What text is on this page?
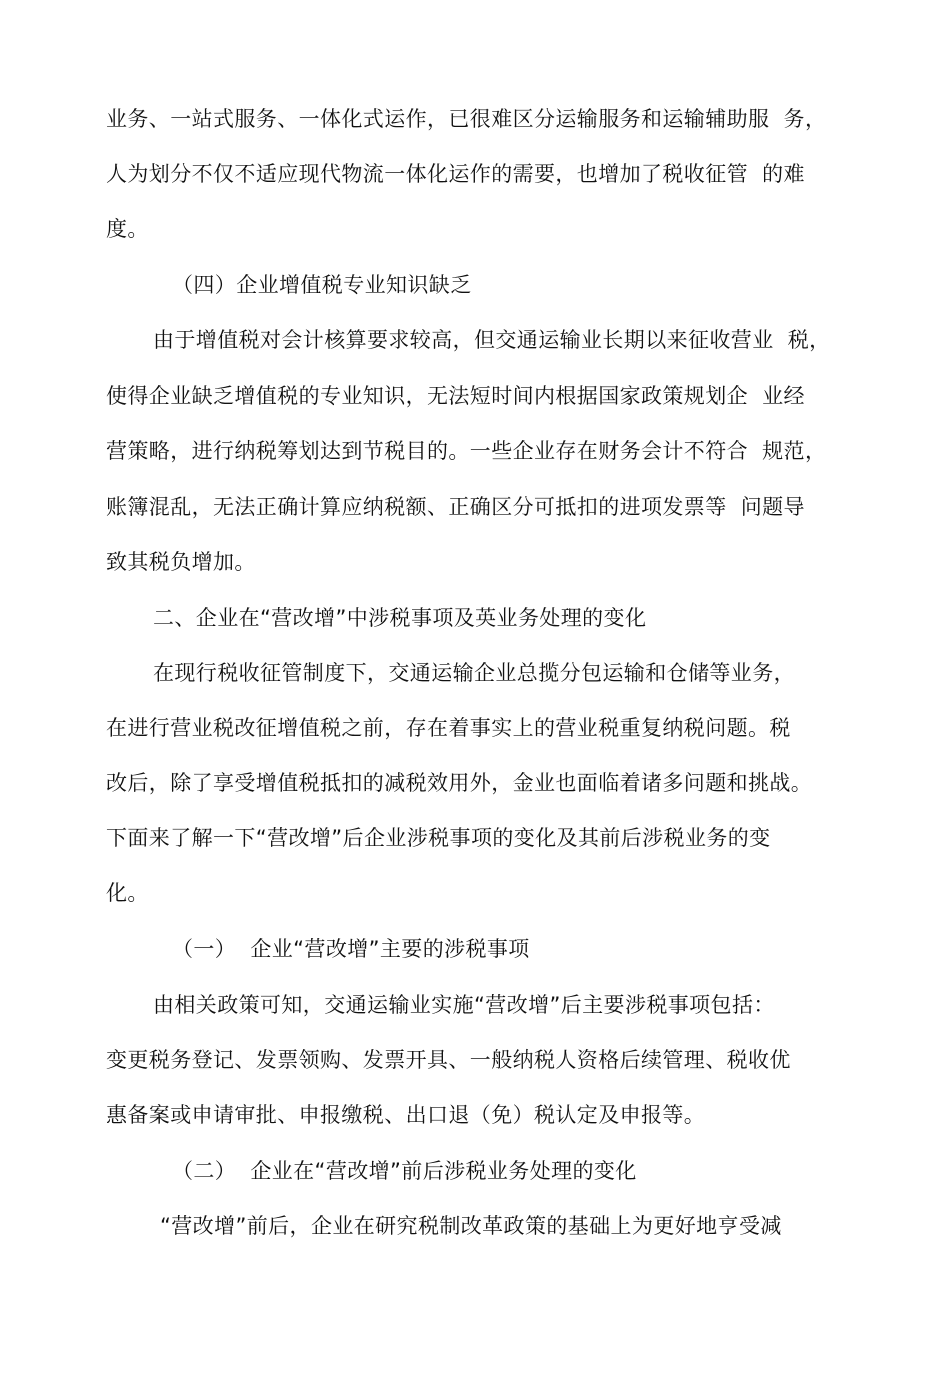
业务、一站式服务、一体化式运作，已很难区分运输服务和运输辅助服  务，
人为划分不仅不适应现代物流一体化运作的需要，也增加了税收征管  的难
度。
（四）企业增值税专业知识缺乏
由于增值税对会计核算要求较高，但交通运输业长期以来征收营业  税，
使得企业缺乏增值税的专业知识，无法短时间内根据国家政策规划企  业经
营策略，进行纳税筹划达到节税目的。一些企业存在财务会计不符合  规范，
账簿混乱，无法正确计算应纳税额、正确区分可抵扣的进项发票等  问题导
致其税负增加。
二、企业在“营改增”中涉税事项及英业务处理的变化
在现行税收征管制度下，交通运输企业总揽分包运输和仓储等业务，
在进行营业税改征增值税之前，存在着事实上的营业税重复纳税问题。税
改后，除了享受增值税抵扣的减税效用外，金业也面临着诸多问题和挑战。
下面来了解一下“营改增”后企业涉税事项的变化及其前后涉税业务的变
化。
（一）  企业“营改增”主要的涉税事项
由相关政策可知，交通运输业实施“营改增”后主要涉税事项包括：
变更税务登记、发票领购、发票开具、一般纳税人资格后续管理、税收优
惠备案或申请审批、申报缴税、出口退（免）税认定及申报等。
（二）  企业在“营改增”前后涉税业务处理的变化
“营改增”前后，企业在研究税制改革政策的基础上为更好地亨受减
